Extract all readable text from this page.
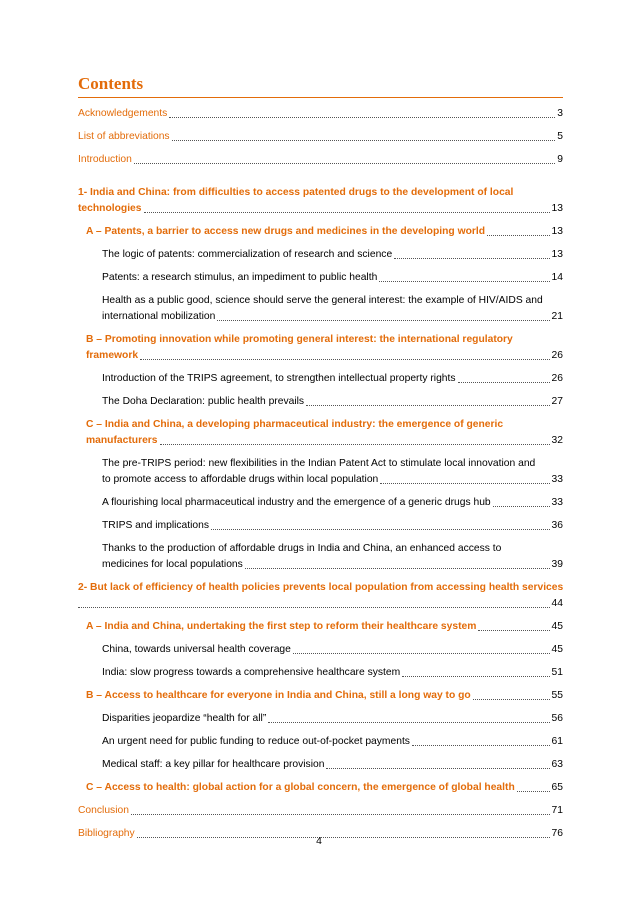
Contents
Acknowledgements	3
List of abbreviations	5
Introduction	9
1- India and China: from difficulties to access patented drugs to the development of local
technologies	13
A – Patents, a barrier to access new drugs and medicines in the developing world	13
The logic of patents: commercialization of research and science	13
Patents: a research stimulus, an impediment to public health	14
Health as a public good, science should serve the general interest: the example of HIV/AIDS and
international mobilization	21
B – Promoting innovation while promoting general interest: the international regulatory
framework	26
Introduction of the TRIPS agreement, to strengthen intellectual property rights	26
The Doha Declaration: public health prevails	27
C – India and China, a developing pharmaceutical industry: the emergence of generic
manufacturers	32
The pre-TRIPS period: new flexibilities in the Indian Patent Act to stimulate local innovation and
to promote access to affordable drugs within local population	33
A flourishing local pharmaceutical industry and the emergence of a generic drugs hub	33
TRIPS and implications	36
Thanks to the production of affordable drugs in India and China, an enhanced access to
medicines for local populations	39
2- But lack of efficiency of health policies prevents local population from accessing health services
44
A – India and China, undertaking the first step to reform their healthcare system	45
China, towards universal health coverage	45
India: slow progress towards a comprehensive healthcare system	51
B – Access to healthcare for everyone in India and China, still a long way to go	55
Disparities jeopardize “health for all”	56
An urgent need for public funding to reduce out-of-pocket payments	61
Medical staff: a key pillar for healthcare provision	63
C – Access to health: global action for a global concern, the emergence of global health	65
Conclusion	71
Bibliography	76
4
